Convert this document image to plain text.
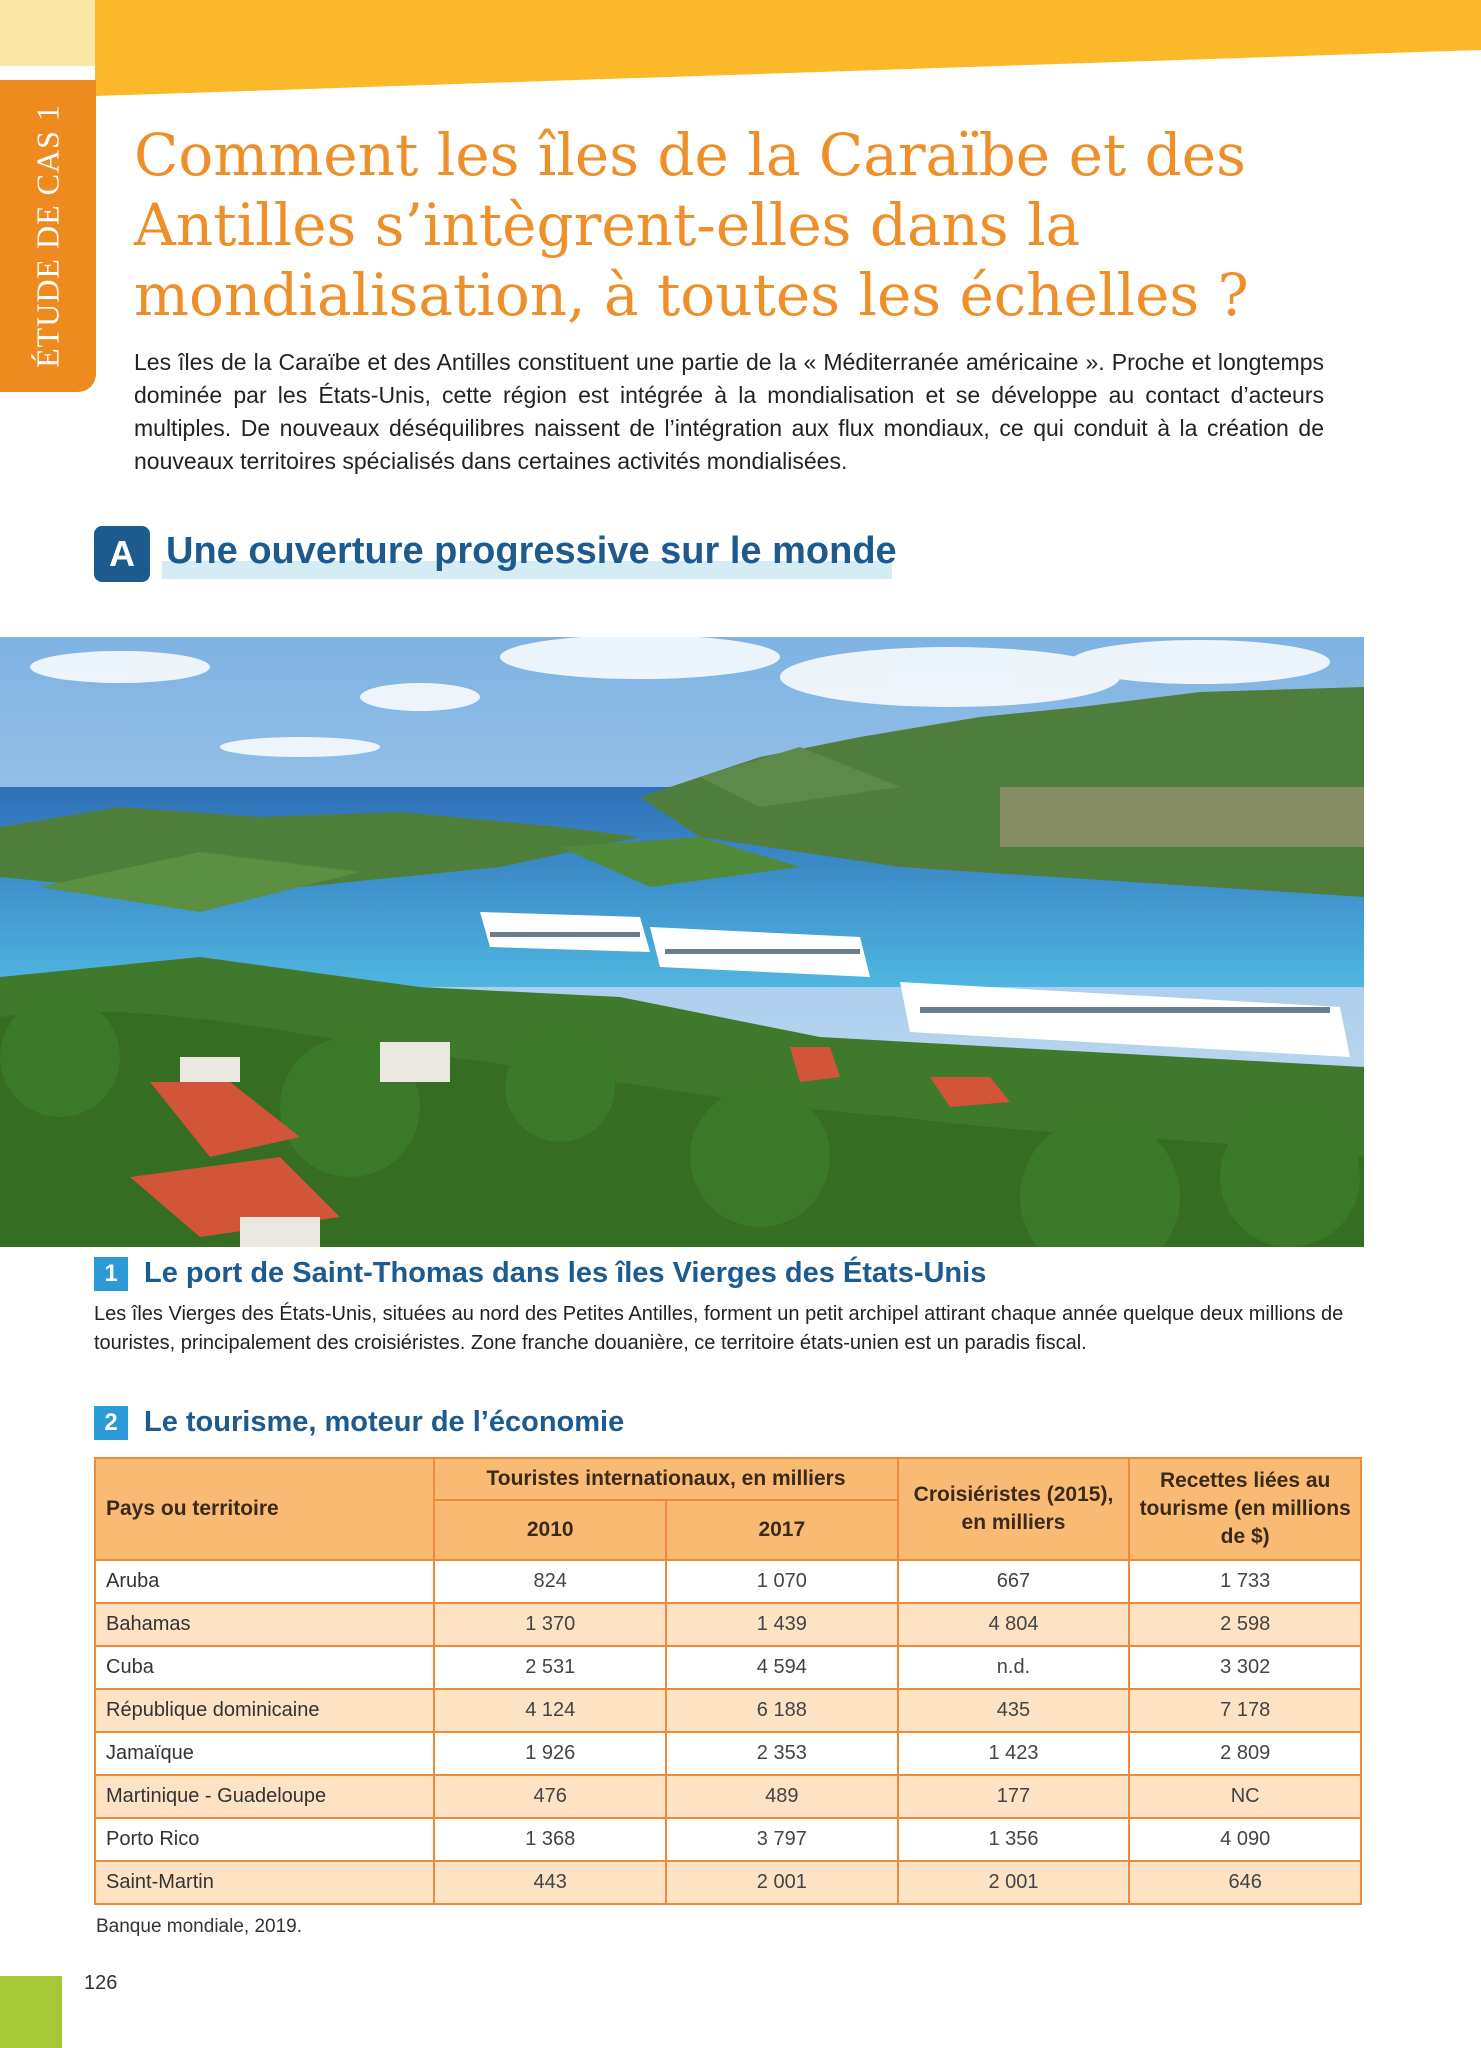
ÉTUDE DE CAS 1 Comment les îles de la Caraïbe et des Antilles s’intègrent-elles dans la mondialisation, à toutes les échelles ?

Les îles de la Caraïbe et des Antilles constituent une partie de la « Méditerranée américaine ». Proche et longtemps dominée par les États-Unis, cette région est intégrée à la mondialisation et se développe au contact d’acteurs multiples. De nouveaux déséquilibres naissent de l’intégration aux flux mondiaux, ce qui conduit à la création de nouveaux territoires spécialisés dans certaines activités mondialisées.

A Une ouverture progressive sur le monde
1 Le port de Saint-Thomas dans les îles Vierges des États-Unis

Les îles Vierges des États-Unis, situées au nord des Petites Antilles, forment un petit archipel attirant chaque année quelque deux millions de touristes, principalement des croisiéristes. Zone franche douanière, ce territoire états-unien est un paradis fiscal.

2 Le tourisme, moteur de l’économie
Pays ou territoire	Touristes internationaux, en milliers		Croisiéristes (2015), en milliers	Recettes liées au tourisme (en millions de $)
	2010	2017		
Aruba	824	1 070	667	1 733
Bahamas	1 370	1 439	4 804	2 598
Cuba	2 531	4 594	n.d.	3 302
République dominicaine	4 124	6 188	435	7 178
Jamaïque	1 926	2 353	1 423	2 809
Martinique - Guadeloupe	476	489	177	NC
Porto Rico	1 368	3 797	1 356	4 090
Saint-Martin	443	2 001	2 001	646

Banque mondiale, 2019.

126
